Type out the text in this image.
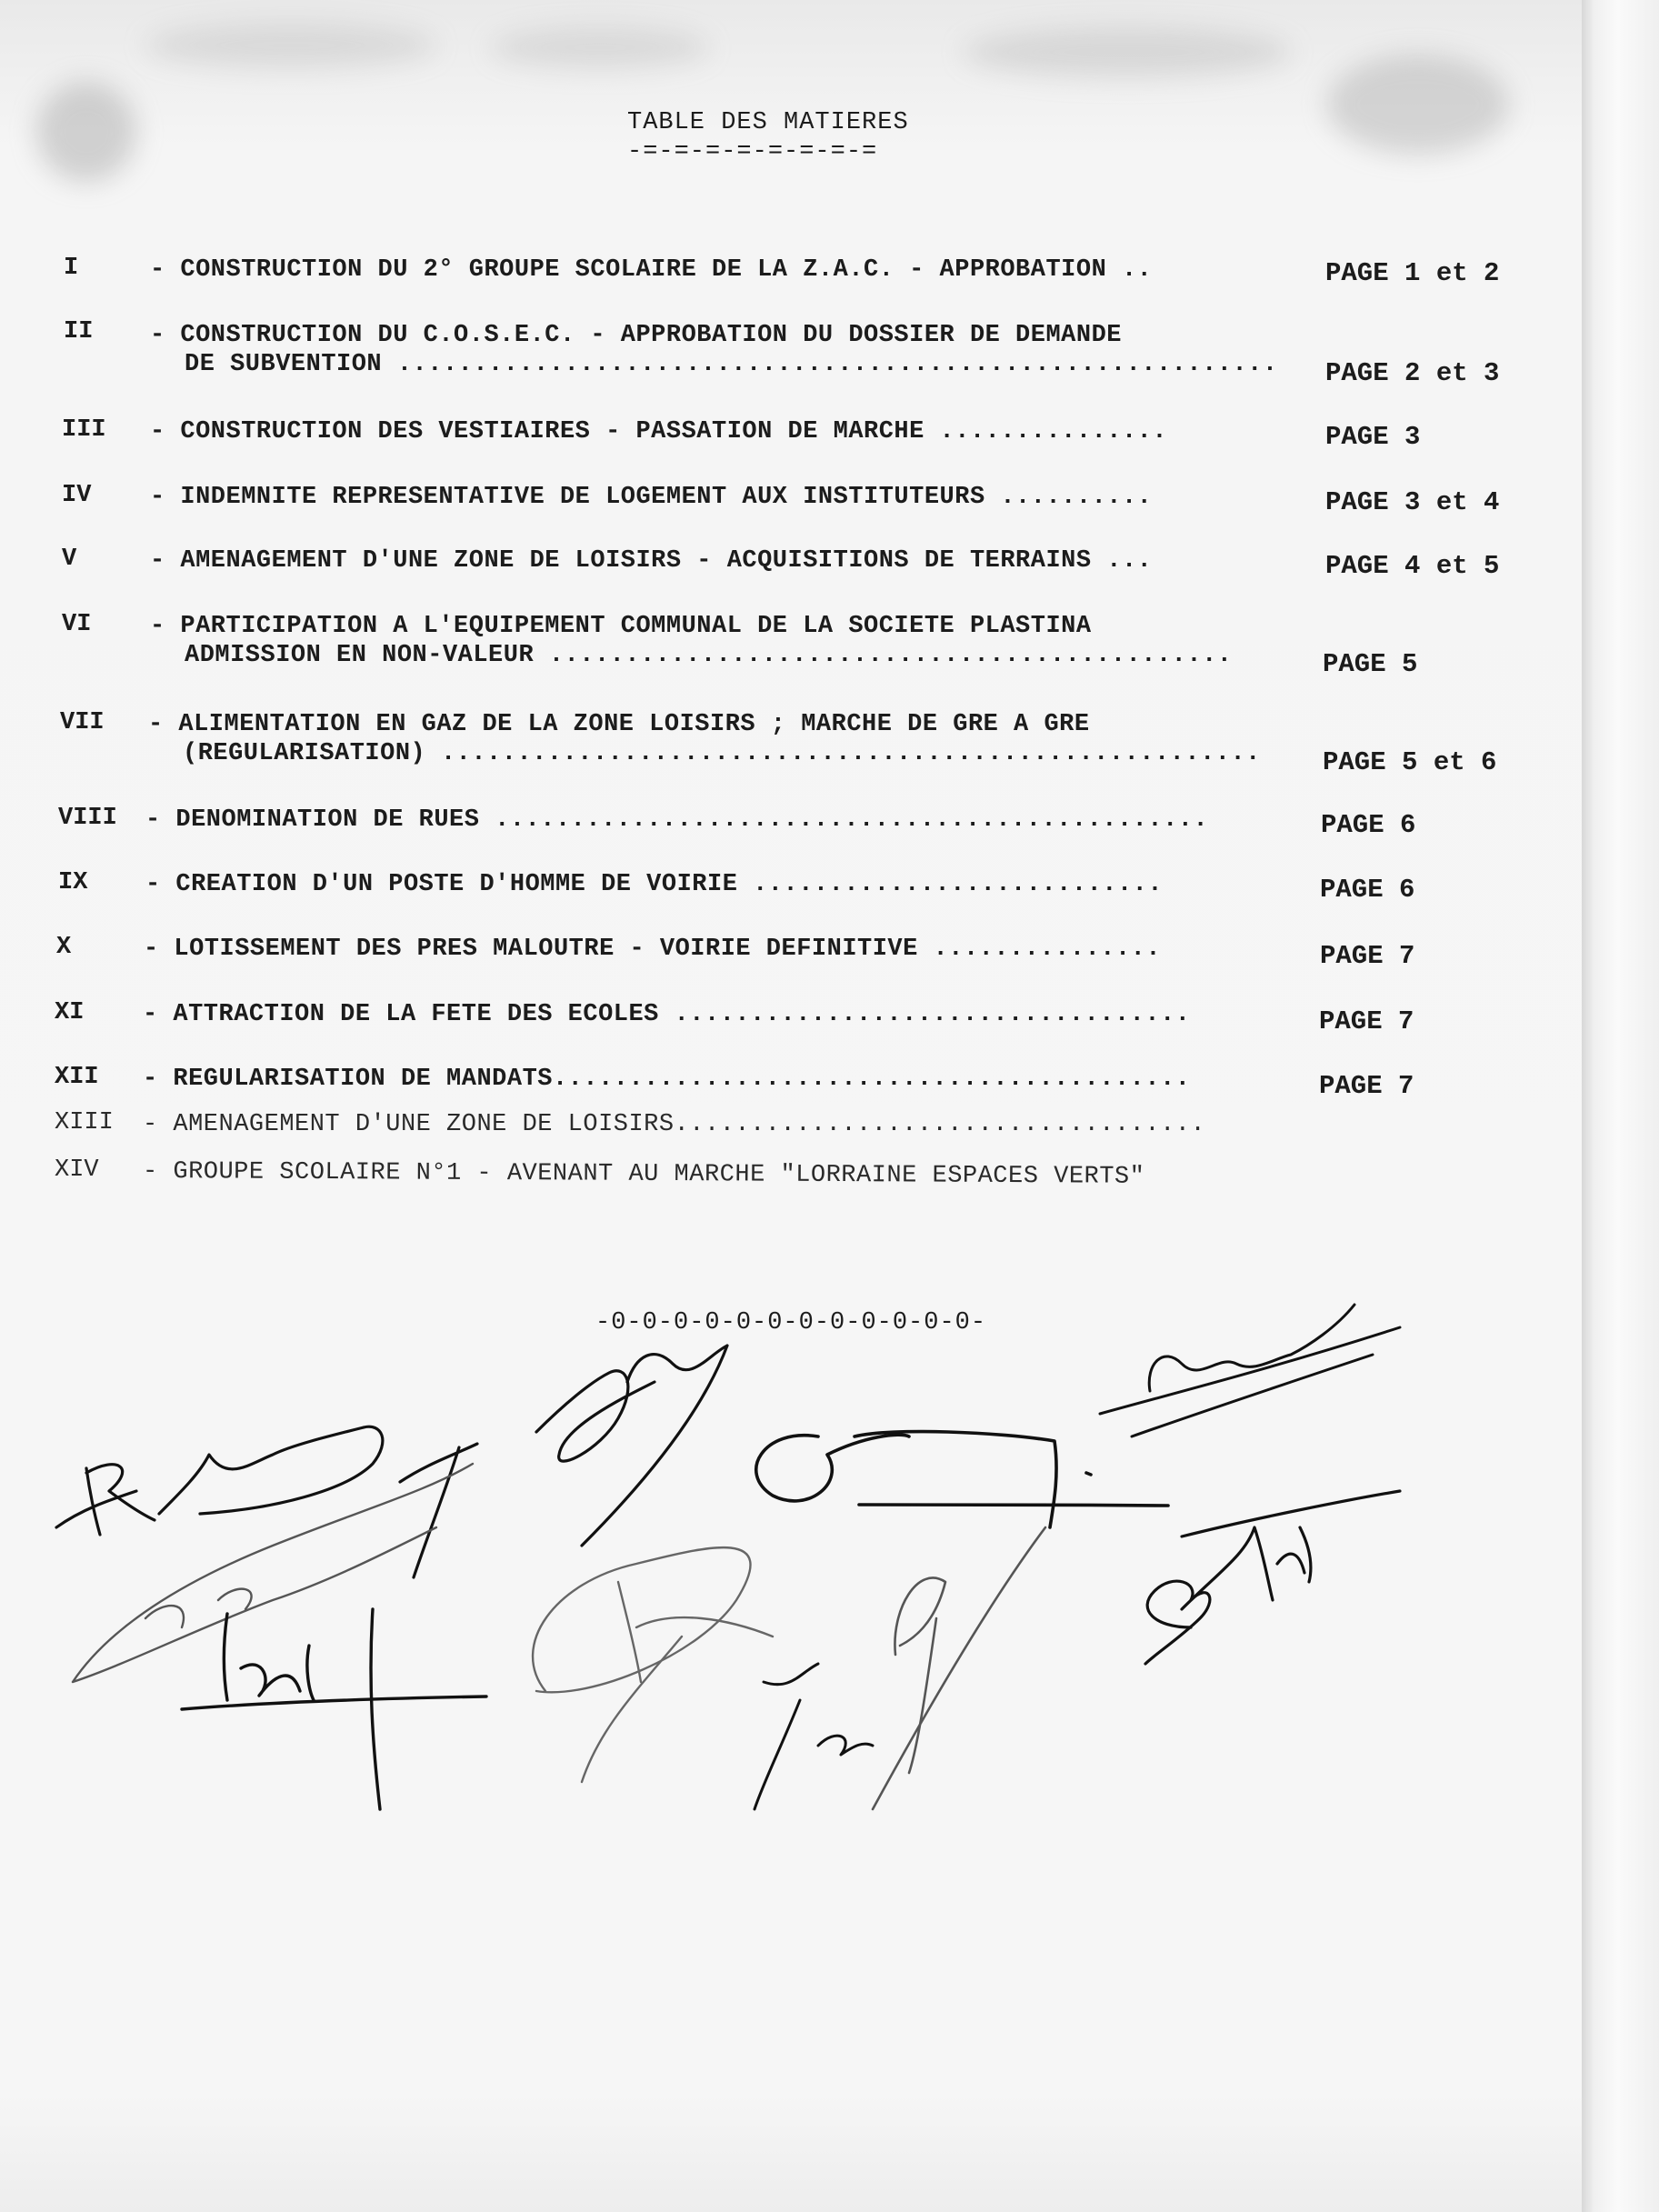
TABLE DES MATIERES
-=-=-=-=-=-=-=-=
I	- CONSTRUCTION DU 2° GROUPE SCOLAIRE DE LA Z.A.C. - APPROBATION ..	PAGE 1 et 2
II - CONSTRUCTION DU C.O.S.E.C. - APPROBATION DU DOSSIER DE DEMANDE
DE SUBVENTION .......................................................... PAGE 2 et 3
III - CONSTRUCTION DES VESTIAIRES - PASSATION DE MARCHE ...............	PAGE 3
IV - INDEMNITE REPRESENTATIVE DE LOGEMENT AUX INSTITUTEURS ..........	PAGE 3 et 4
V	- AMENAGEMENT D'UNE ZONE DE LOISIRS - ACQUISITIONS DE TERRAINS ...	PAGE 4 et 5
VI - PARTICIPATION A L'EQUIPEMENT COMMUNAL DE LA SOCIETE PLASTINA
ADMISSION EN NON-VALEUR .............................................	PAGE 5
VII - ALIMENTATION EN GAZ DE LA ZONE LOISIRS ; MARCHE DE GRE A GRE
(REGULARISATION) ...................................................... PAGE 5 et 6
VIII - DENOMINATION DE RUES ...............................................	PAGE 6
IX - CREATION D'UN POSTE D'HOMME DE VOIRIE ...........................	PAGE 6
X	- LOTISSEMENT DES PRES MALOUTRE - VOIRIE DEFINITIVE ...............	PAGE 7
XI - ATTRACTION DE LA FETE DES ECOLES ..................................	PAGE 7
XII - REGULARISATION DE MANDATS..........................................	PAGE 7
XIII - AMENAGEMENT D'UNE ZONE DE LOISIRS...................................
XIV - GROUPE SCOLAIRE N°1 - AVENANT AU MARCHE "LORRAINE ESPACES VERTS"
-0-0-0-0-0-0-0-0-0-0-0-0-
